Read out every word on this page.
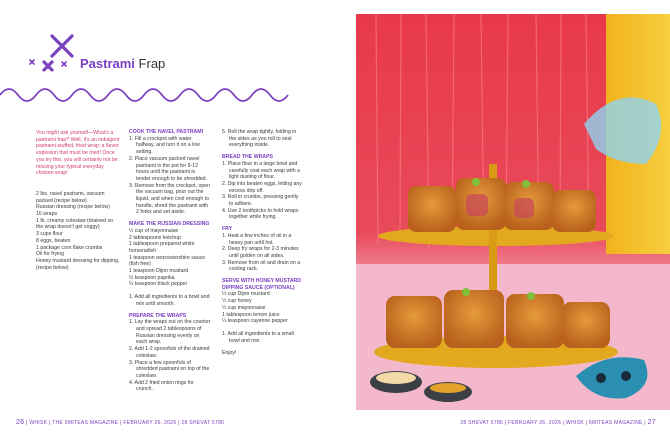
Pastrami Frap

You might ask yourself—What's a pastrami frap? Well, it's an indulgent pastrami-stuffed, fried wrap; a flavor explosion that must be tried! Once you try this, you will certainly not be missing your typical everyday chicken wrap!

2 lbs. navel pastrami, vacuum packed (recipe below)

Russian dressing (recipe below)

16 wraps

1 lb. creamy coleslaw (drained so the wrap doesn't get soggy)

3 cups flour

8 eggs, beaten

1 package corn flake crumbs

Oil for frying

Honey mustard dressing for dipping, (recipe below)

COOK THE NAVEL PASTRAMI

1. Fill a crockpot with water halfway, and turn it on a low setting.

2. Place vacuum packed navel pastrami in the pot for 9-12 hours until the pastrami is tender enough to be shredded.

3. Remove from the crockpot, open the vacuum bag, pour out the liquid, and when cool enough to handle, shred the pastrami with 2 forks and set aside.

MAKE THE RUSSIAN DRESSING

½ cup of mayonnaise

2 tablespoons ketchup

1 tablespoon prepared white horseradish

1 teaspoon worcestershire sauce (fish free)

1 teaspoon Dijon mustard

½ teaspoon paprika

¼ teaspoon black pepper

1. Add all ingredients to a bowl and mix until smooth.

PREPARE THE WRAPS

1. Lay the wraps out on the counter and spread 2 tablespoons of Russian dressing evenly on each wrap.

2. Add 1-2 spoonfuls of the drained coleslaw.

3. Place a few spoonfuls of shredded pastrami on top of the coleslaw.

4. Add 2 fried onion rings for crunch.

5. Roll the wrap tightly, folding in the sides as you roll to seal everything inside.

BREAD THE WRAPS

1. Place flour in a large bowl and carefully coat each wrap with a light dusting of flour.

2. Dip into beaten eggs, letting any excess drip off.

3. Roll in crumbs, pressing gently to adhere.

4. Use 2 toothpicks to hold wraps together while frying.

FRY

1. Heat a few inches of oil in a heavy pan until hot.

2. Deep fry wraps for 2-3 minutes until golden on all sides.

3. Remove from oil and drain on a cooling rack.

SERVE WITH HONEY MUSTARD

DIPPING SAUCE (OPTIONAL)

¼ cup Dijon mustard

¼ cup honey

¼ cup mayonnaise

1 tablespoon lemon juice

¼ teaspoon cayenne pepper

1. Add all ingredients to a small bowl and mix.

Enjoy!

26 | WHISK | THE 5MITEAS MAGAZINE | FEBRUARY 26, 2026 | 28 SHEVAT 5786	28 SHEVAT 5786 | FEBRUARY 26, 2026 | WHISK | 5MITEAS MAGAZINE | 27
